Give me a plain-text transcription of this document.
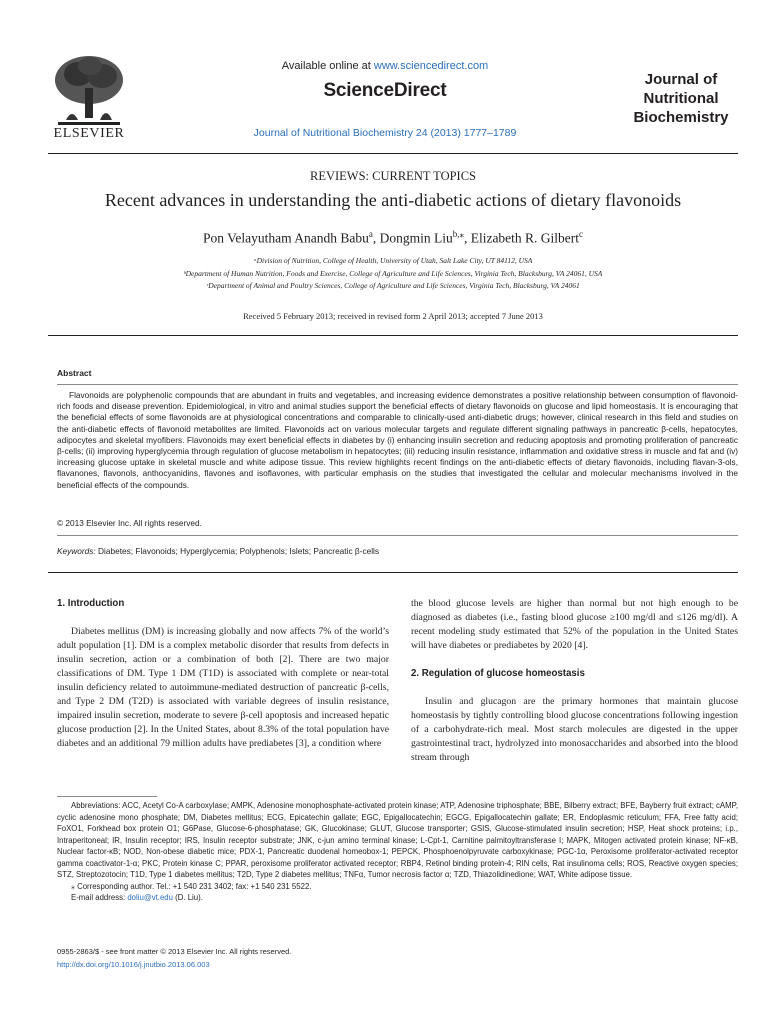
ELSEVIER
Available online at www.sciencedirect.com
ScienceDirect
Journal of Nutritional Biochemistry 24 (2013) 1777–1789
Journal of
Nutritional
Biochemistry
REVIEWS: CURRENT TOPICS
Recent advances in understanding the anti-diabetic actions of dietary flavonoids
Pon Velayutham Anandh Babu$^a$, Dongmin Liu$^{b,⁎}$, Elizabeth R. Gilbert$^c$
ᵃDivision of Nutrition, College of Health, University of Utah, Salt Lake City, UT 84112, USA
ᵇDepartment of Human Nutrition, Foods and Exercise, College of Agriculture and Life Sciences, Virginia Tech, Blacksburg, VA 24061, USA
ᶜDepartment of Animal and Poultry Sciences, College of Agriculture and Life Sciences, Virginia Tech, Blacksburg, VA 24061
Received 5 February 2013; received in revised form 2 April 2013; accepted 7 June 2013
Abstract

Flavonoids are polyphenolic compounds that are abundant in fruits and vegetables, and increasing evidence demonstrates a positive relationship between consumption of flavonoid-rich foods and disease prevention. Epidemiological, in vitro and animal studies support the beneficial effects of dietary flavonoids on glucose and lipid homeostasis. It is encouraging that the beneficial effects of some flavonoids are at physiological concentrations and comparable to clinically-used anti-diabetic drugs; however, clinical research in this field and studies on the anti-diabetic effects of flavonoid metabolites are limited. Flavonoids act on various molecular targets and regulate different signaling pathways in pancreatic β-cells, hepatocytes, adipocytes and skeletal myofibers. Flavonoids may exert beneficial effects in diabetes by (i) enhancing insulin secretion and reducing apoptosis and promoting proliferation of pancreatic β-cells; (ii) improving hyperglycemia through regulation of glucose metabolism in hepatocytes; (iii) reducing insulin resistance, inflammation and oxidative stress in muscle and fat and (iv) increasing glucose uptake in skeletal muscle and white adipose tissue. This review highlights recent findings on the anti-diabetic effects of dietary flavonoids, including flavan-3-ols, flavanones, flavonols, anthocyanidins, flavones and isoflavones, with particular emphasis on the studies that investigated the cellular and molecular mechanisms involved in the beneficial effects of the compounds.

© 2013 Elsevier Inc. All rights reserved.
Keywords: Diabetes; Flavonoids; Hyperglycemia; Polyphenols; Islets; Pancreatic β-cells
1. Introduction

Diabetes mellitus (DM) is increasing globally and now affects 7% of the world’s adult population [1]. DM is a complex metabolic disorder that results from defects in insulin secretion, action or a combination of both [2]. There are two major classifications of DM. Type 1 DM (T1D) is associated with complete or near-total insulin deficiency related to autoimmune-mediated destruction of pancreatic β-cells, and Type 2 DM (T2D) is associated with variable degrees of insulin resistance, impaired insulin secretion, moderate to severe β-cell apoptosis and increased hepatic glucose production [2]. In the United States, about 8.3% of the total population have diabetes and an additional 79 million adults have prediabetes [3], a condition where

the blood glucose levels are higher than normal but not high enough to be diagnosed as diabetes (i.e., fasting blood glucose ≥100 mg/dl and ≤126 mg/dl). A recent modeling study estimated that 52% of the population in the United States will have diabetes or prediabetes by 2020 [4].

2. Regulation of glucose homeostasis

Insulin and glucagon are the primary hormones that maintain glucose homeostasis by tightly controlling blood glucose concentrations following ingestion of a carbohydrate-rich meal. Most starch molecules are digested in the upper gastrointestinal tract, hydrolyzed into monosaccharides and absorbed into the blood stream through

Abbreviations: ACC, Acetyl Co-A carboxylase; AMPK, Adenosine monophosphate-activated protein kinase; ATP, Adenosine triphosphate; BBE, Bilberry extract; BFE, Bayberry fruit extract; cAMP, cyclic adenosine mono phosphate; DM, Diabetes mellitus; ECG, Epicatechin gallate; EGC, Epigallocatechin; EGCG, Epigallocatechin gallate; ER, Endoplasmic reticulum; FFA, Free fatty acid; FoXO1, Forkhead box protein O1; G6Pase, Glucose-6-phosphatase; GK, Glucokinase; GLUT, Glucose transporter; GSIS, Glucose-stimulated insulin secretion; HSP, Heat shock proteins; i.p., Intraperitoneal; IR, Insulin receptor; IRS, Insulin receptor substrate; JNK, c-jun amino terminal kinase; L-Cpt-1, Carnitine palmitoyltransferase I; MAPK, Mitogen activated protein kinase; NF-κB, Nuclear factor-κB; NOD, Non-obese diabetic mice; PDX-1, Pancreatic duodenal homeobox-1; PEPCK, Phosphoenolpyruvate carboxykinase; PGC-1α, Peroxisome proliferator-activated receptor gamma coactivator-1-α; PKC, Protein kinase C; PPAR, peroxisome proliferator activated receptor; RBP4, Retinol binding protein-4; RIN cells, Rat insulinoma cells; ROS, Reactive oxygen species; STZ, Streptozotocin; T1D, Type 1 diabetes mellitus; T2D, Type 2 diabetes mellitus; TNFα, Tumor necrosis factor α; TZD, Thiazolidinedione; WAT, White adipose tissue.

⁎ Corresponding author. Tel.: +1 540 231 3402; fax: +1 540 231 5522.

E-mail address: doliu@vt.edu (D. Liu).

0955-2863/$ - see front matter © 2013 Elsevier Inc. All rights reserved.
http://dx.doi.org/10.1016/j.jnutbio.2013.06.003
